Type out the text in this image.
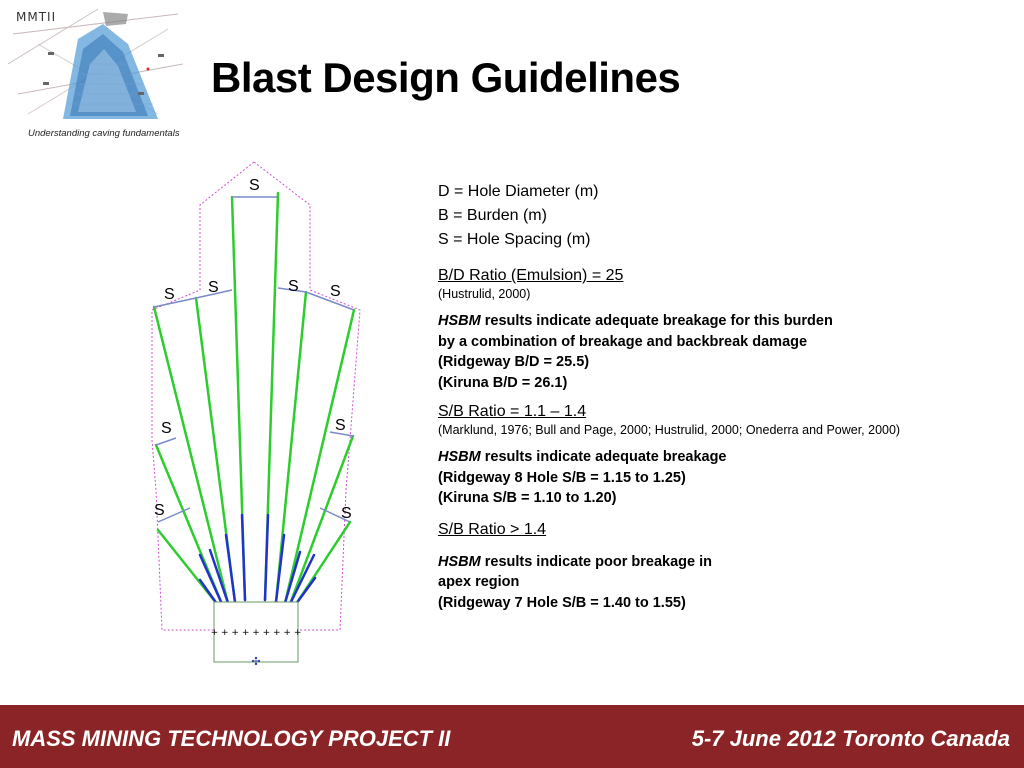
MMTII
Understanding caving fundamentals
Blast Design Guidelines
+ + + + + + + + +
✣
S
S S	S S
S	S
S	S

D = Hole Diameter (m)

B = Burden (m)

S = Hole Spacing (m)

B/D Ratio (Emulsion) = 25

(Hustrulid, 2000)

HSBM results indicate adequate breakage for this burden

by a combination of breakage and backbreak damage

(Ridgeway B/D = 25.5)

(Kiruna B/D = 26.1)

S/B Ratio = 1.1 – 1.4

(Marklund, 1976; Bull and Page, 2000; Hustrulid, 2000; Onederra and Power, 2000)

HSBM results indicate adequate breakage

(Ridgeway 8 Hole S/B = 1.15 to 1.25)

(Kiruna S/B = 1.10 to 1.20)

S/B Ratio > 1.4

HSBM results indicate poor breakage in

apex region

(Ridgeway 7 Hole S/B = 1.40 to 1.55)

MASS MINING TECHNOLOGY PROJECT II	5-7 June 2012 Toronto Canada
